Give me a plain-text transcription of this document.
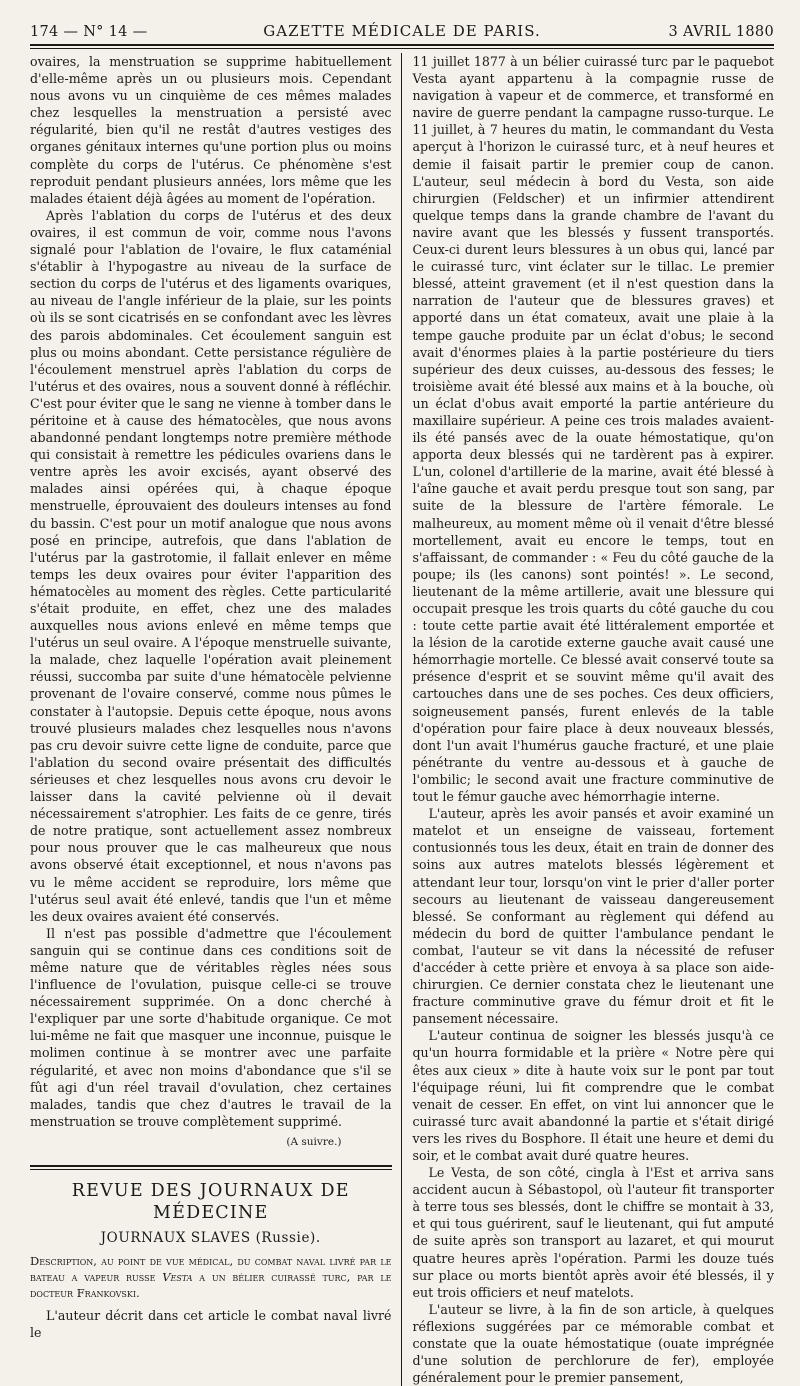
174 — N° 14 —	GAZETTE MÉDICALE DE PARIS.	3 AVRIL 1880

ovaires, la menstruation se supprime habituellement d'elle-même après un ou plusieurs mois. Cependant nous avons vu un cinquième de ces mêmes malades chez lesquelles la menstruation a persisté avec régularité, bien qu'il ne restât d'autres vestiges des organes génitaux internes qu'une portion plus ou moins complète du corps de l'utérus. Ce phénomène s'est reproduit pendant plusieurs années, lors même que les malades étaient déjà âgées au moment de l'opération.

Après l'ablation du corps de l'utérus et des deux ovaires, il est commun de voir, comme nous l'avons signalé pour l'ablation de l'ovaire, le flux cataménial s'établir à l'hypogastre au niveau de la surface de section du corps de l'utérus et des ligaments ovariques, au niveau de l'angle inférieur de la plaie, sur les points où ils se sont cicatrisés en se confondant avec les lèvres des parois abdominales. Cet écoulement sanguin est plus ou moins abondant. Cette persistance régulière de l'écoulement menstruel après l'ablation du corps de l'utérus et des ovaires, nous a souvent donné à réfléchir. C'est pour éviter que le sang ne vienne à tomber dans le péritoine et à cause des hématocèles, que nous avons abandonné pendant longtemps notre première méthode qui consistait à remettre les pédicules ovariens dans le ventre après les avoir excisés, ayant observé des malades ainsi opérées qui, à chaque époque menstruelle, éprouvaient des douleurs intenses au fond du bassin. C'est pour un motif analogue que nous avons posé en principe, autrefois, que dans l'ablation de l'utérus par la gastrotomie, il fallait enlever en même temps les deux ovaires pour éviter l'apparition des hématocèles au moment des règles. Cette particularité s'était produite, en effet, chez une des malades auxquelles nous avions enlevé en même temps que l'utérus un seul ovaire. A l'époque menstruelle suivante, la malade, chez laquelle l'opération avait pleinement réussi, succomba par suite d'une hématocèle pelvienne provenant de l'ovaire conservé, comme nous pûmes le constater à l'autopsie. Depuis cette époque, nous avons trouvé plusieurs malades chez lesquelles nous n'avons pas cru devoir suivre cette ligne de conduite, parce que l'ablation du second ovaire présentait des difficultés sérieuses et chez lesquelles nous avons cru devoir le laisser dans la cavité pelvienne où il devait nécessairement s'atrophier. Les faits de ce genre, tirés de notre pratique, sont actuellement assez nombreux pour nous prouver que le cas malheureux que nous avons observé était exceptionnel, et nous n'avons pas vu le même accident se reproduire, lors même que l'utérus seul avait été enlevé, tandis que l'un et même les deux ovaires avaient été conservés.

Il n'est pas possible d'admettre que l'écoulement sanguin qui se continue dans ces conditions soit de même nature que de véritables règles nées sous l'influence de l'ovulation, puisque celle-ci se trouve nécessairement supprimée. On a donc cherché à l'expliquer par une sorte d'habitude organique. Ce mot lui-même ne fait que masquer une inconnue, puisque le molimen continue à se montrer avec une parfaite régularité, et avec non moins d'abondance que s'il se fût agi d'un réel travail d'ovulation, chez certaines malades, tandis que chez d'autres le travail de la menstruation se trouve complètement supprimé.

(A suivre.)
REVUE DES JOURNAUX DE MÉDECINE
JOURNAUX SLAVES (Russie).

Description, au point de vue médical, du combat naval livré par le bateau a vapeur russe Vesta a un bélier cuirassé turc, par le docteur Frankovski.

L'auteur décrit dans cet article le combat naval livré le

11 juillet 1877 à un bélier cuirassé turc par le paquebot Vesta ayant appartenu à la compagnie russe de navigation à vapeur et de commerce, et transformé en navire de guerre pendant la campagne russo-turque. Le 11 juillet, à 7 heures du matin, le commandant du Vesta aperçut à l'horizon le cuirassé turc, et à neuf heures et demie il faisait partir le premier coup de canon. L'auteur, seul médecin à bord du Vesta, son aide chirurgien (Feldscher) et un infirmier attendirent quelque temps dans la grande chambre de l'avant du navire avant que les blessés y fussent transportés. Ceux-ci durent leurs blessures à un obus qui, lancé par le cuirassé turc, vint éclater sur le tillac. Le premier blessé, atteint gravement (et il n'est question dans la narration de l'auteur que de blessures graves) et apporté dans un état comateux, avait une plaie à la tempe gauche produite par un éclat d'obus; le second avait d'énormes plaies à la partie postérieure du tiers supérieur des deux cuisses, au-dessous des fesses; le troisième avait été blessé aux mains et à la bouche, où un éclat d'obus avait emporté la partie antérieure du maxillaire supérieur. A peine ces trois malades avaient-ils été pansés avec de la ouate hémostatique, qu'on apporta deux blessés qui ne tardèrent pas à expirer. L'un, colonel d'artillerie de la marine, avait été blessé à l'aîne gauche et avait perdu presque tout son sang, par suite de la blessure de l'artère fémorale. Le malheureux, au moment même où il venait d'être blessé mortellement, avait eu encore le temps, tout en s'affaissant, de commander : « Feu du côté gauche de la poupe; ils (les canons) sont pointés! ». Le second, lieutenant de la même artillerie, avait une blessure qui occupait presque les trois quarts du côté gauche du cou : toute cette partie avait été littéralement emportée et la lésion de la carotide externe gauche avait causé une hémorrhagie mortelle. Ce blessé avait conservé toute sa présence d'esprit et se souvint même qu'il avait des cartouches dans une de ses poches. Ces deux officiers, soigneusement pansés, furent enlevés de la table d'opération pour faire place à deux nouveaux blessés, dont l'un avait l'humérus gauche fracturé, et une plaie pénétrante du ventre au-dessous et à gauche de l'ombilic; le second avait une fracture comminutive de tout le fémur gauche avec hémorrhagie interne.

L'auteur, après les avoir pansés et avoir examiné un matelot et un enseigne de vaisseau, fortement contusionnés tous les deux, était en train de donner des soins aux autres matelots blessés légèrement et attendant leur tour, lorsqu'on vint le prier d'aller porter secours au lieutenant de vaisseau dangereusement blessé. Se conformant au règlement qui défend au médecin du bord de quitter l'ambulance pendant le combat, l'auteur se vit dans la nécessité de refuser d'accéder à cette prière et envoya à sa place son aide-chirurgien. Ce dernier constata chez le lieutenant une fracture comminutive grave du fémur droit et fit le pansement nécessaire.

L'auteur continua de soigner les blessés jusqu'à ce qu'un hourra formidable et la prière « Notre père qui êtes aux cieux » dite à haute voix sur le pont par tout l'équipage réuni, lui fit comprendre que le combat venait de cesser. En effet, on vint lui annoncer que le cuirassé turc avait abandonné la partie et s'était dirigé vers les rives du Bosphore. Il était une heure et demi du soir, et le combat avait duré quatre heures.

Le Vesta, de son côté, cingla à l'Est et arriva sans accident aucun à Sébastopol, où l'auteur fit transporter à terre tous ses blessés, dont le chiffre se montait à 33, et qui tous guérirent, sauf le lieutenant, qui fut amputé de suite après son transport au lazaret, et qui mourut quatre heures après l'opération. Parmi les douze tués sur place ou morts bientôt après avoir été blessés, il y eut trois officiers et neuf matelots.

L'auteur se livre, à la fin de son article, à quelques réflexions suggérées par ce mémorable combat et constate que la ouate hémostatique (ouate imprégnée d'une solution de perchlorure de fer), employée généralement pour le premier pansement,
